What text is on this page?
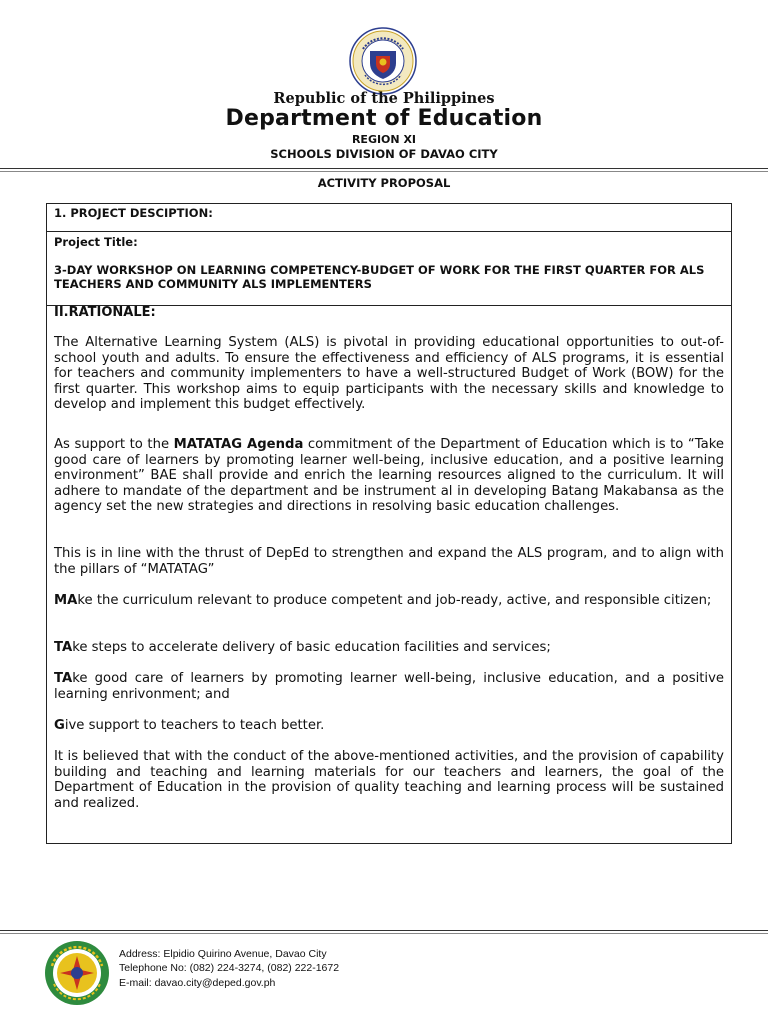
Republic of the Philippines
Department of Education
REGION XI
SCHOOLS DIVISION OF DAVAO CITY
ACTIVITY PROPOSAL
1. PROJECT DESCIPTION:
Project Title:
3-DAY WORKSHOP ON LEARNING COMPETENCY-BUDGET OF WORK FOR THE FIRST QUARTER FOR ALS TEACHERS AND COMMUNITY ALS IMPLEMENTERS
II.RATIONALE:
The Alternative Learning System (ALS) is pivotal in providing educational opportunities to out-of-school youth and adults. To ensure the effectiveness and efficiency of ALS programs, it is essential for teachers and community implementers to have a well-structured Budget of Work (BOW) for the first quarter. This workshop aims to equip participants with the necessary skills and knowledge to develop and implement this budget effectively.
As support to the MATATAG Agenda commitment of the Department of Education which is to “Take good care of learners by promoting learner well-being, inclusive education, and a positive learning environment” BAE shall provide and enrich the learning resources aligned to the curriculum. It will adhere to mandate of the department and be instrument al in developing Batang Makabansa as the agency set the new strategies and directions in resolving basic education challenges.
This is in line with the thrust of DepEd to strengthen and expand the ALS program, and to align with the pillars of “MATATAG”
MAke the curriculum relevant to produce competent and job-ready, active, and responsible citizen;
TAke steps to accelerate delivery of basic education facilities and services;
TAke good care of learners by promoting learner well-being, inclusive education, and a positive learning enrivonment; and
Give support to teachers to teach better.
It is believed that with the conduct of the above-mentioned activities, and the provision of capability building and teaching and learning materials for our teachers and learners, the goal of the Department of Education in the provision of quality teaching and learning process will be sustained and realized.
Address: Elpidio Quirino Avenue, Davao City
Telephone No: (082) 224-3274, (082) 222-1672
E-mail: davao.city@deped.gov.ph
